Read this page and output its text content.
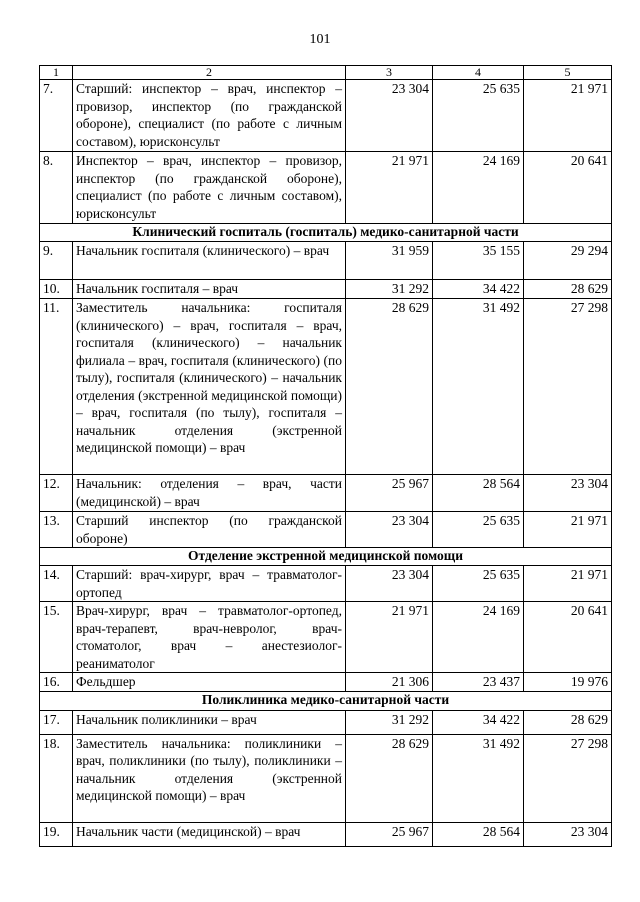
101
1	2	3	4	5
7.	Старший: инспектор – врач, инспектор – провизор, инспектор (по гражданской обороне), специалист (по работе с личным составом), юрисконсульт	23 304	25 635	21 971
8.	Инспектор – врач, инспектор – провизор, инспектор (по гражданской обороне), специалист (по работе с личным составом), юрисконсульт	21 971	24 169	20 641
Клинический госпиталь (госпиталь) медико-санитарной части				
9.	Начальник госпиталя (клинического) – врач	31 959	35 155	29 294
10.	Начальник госпиталя – врач	31 292	34 422	28 629
11.	Заместитель начальника: госпиталя (клинического) – врач, госпиталя – врач, госпиталя (клинического) – начальник филиала – врач, госпиталя (клинического) (по тылу), госпиталя (клинического) – начальник отделения (экстренной медицинской помощи) – врач, госпиталя (по тылу), госпиталя – начальник отделения (экстренной медицинской помощи) – врач	28 629	31 492	27 298
12.	Начальник: отделения – врач, части (медицинской) – врач	25 967	28 564	23 304
13.	Старший инспектор (по гражданской обороне)	23 304	25 635	21 971
Отделение экстренной медицинской помощи				
14.	Старший: врач-хирург, врач – травматолог-ортопед	23 304	25 635	21 971
15.	Врач-хирург, врач – травматолог-ортопед, врач-терапевт, врач-невролог, врач-стоматолог, врач – анестезиолог-реаниматолог	21 971	24 169	20 641
16.	Фельдшер	21 306	23 437	19 976
Поликлиника медико-санитарной части				
17.	Начальник поликлиники – врач	31 292	34 422	28 629
18.	Заместитель начальника: поликлиники – врач, поликлиники (по тылу), поликлиники – начальник отделения (экстренной медицинской помощи) – врач	28 629	31 492	27 298
19.	Начальник части (медицинской) – врач	25 967	28 564	23 304
